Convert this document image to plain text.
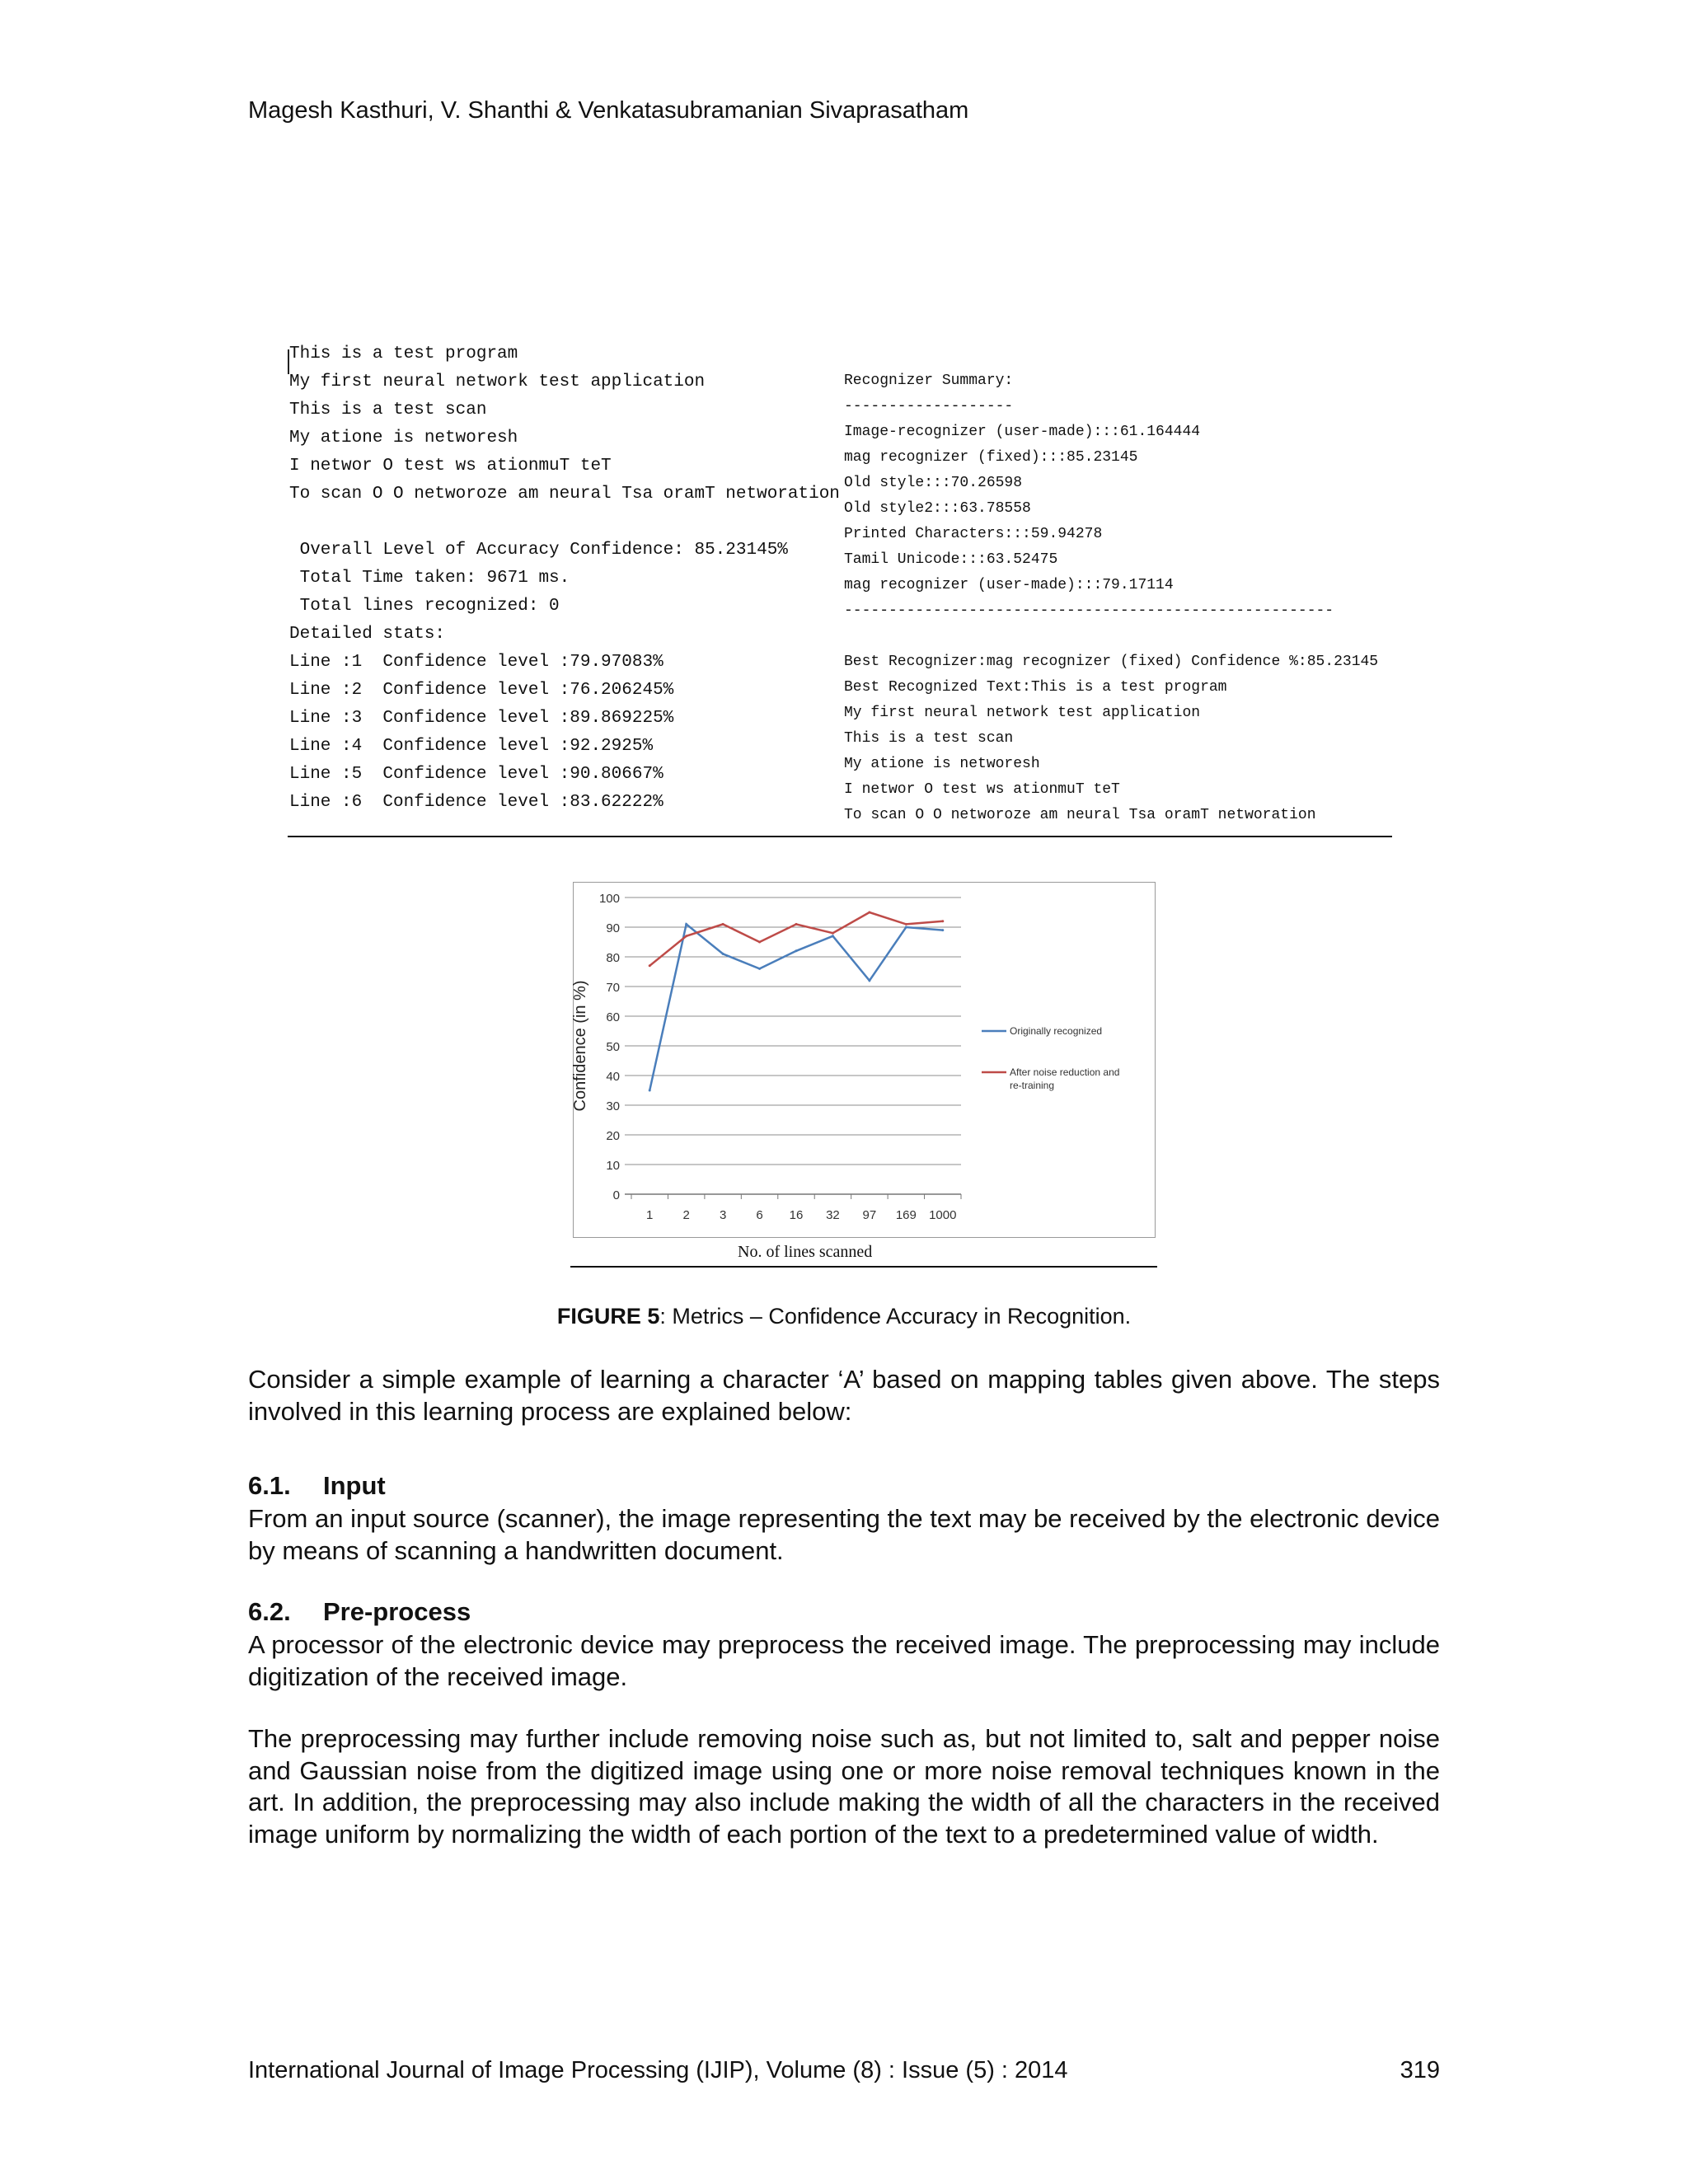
Magesh Kasthuri, V. Shanthi & Venkatasubramanian Sivaprasatham
This is a test program
My first neural network test application
This is a test scan
My atione is networesh
I networ O test ws ationmuT teT
To scan O O networoze am neural Tsa oramT networation
Overall Level of Accuracy Confidence: 85.23145%
Total Time taken: 9671 ms.
Total lines recognized: 0
Detailed stats:
Line :1  Confidence level :79.97083%
Line :2  Confidence level :76.206245%
Line :3  Confidence level :89.869225%
Line :4  Confidence level :92.2925%
Line :5  Confidence level :90.80667%
Line :6  Confidence level :83.62222%
Recognizer Summary:
-------------------
Image-recognizer (user-made):::61.164444
mag recognizer (fixed):::85.23145
Old style:::70.26598
Old style2:::63.78558
Printed Characters:::59.94278
Tamil Unicode:::63.52475
mag recognizer (user-made):::79.17114
-------------------------------------------------------
Best Recognizer:mag recognizer (fixed) Confidence %:85.23145
Best Recognized Text:This is a test program
My first neural network test application
This is a test scan
My atione is networesh
I networ O test ws ationmuT teT
To scan O O networoze am neural Tsa oramT networation
0
10
20
30
40
50
60
70
80
90
100
1 2 3 6 16 32 97 169 1000
Confidence (in %)	Originally recognized
After noise reduction and re-training
No. of lines scanned
FIGURE 5: Metrics – Confidence Accuracy in Recognition.

Consider a simple example of learning a character ‘A’ based on mapping tables given above. The steps involved in this learning process are explained below:

6.1. Input

From an input source (scanner), the image representing the text may be received by the electronic device by means of scanning a handwritten document.

6.2. Pre-process

A processor of the electronic device may preprocess the received image. The preprocessing may include digitization of the received image.

The preprocessing may further include removing noise such as, but not limited to, salt and pepper noise and Gaussian noise from the digitized image using one or more noise removal techniques known in the art. In addition, the preprocessing may also include making the width of all the characters in the received image uniform by normalizing the width of each portion of the text to a predetermined value of width.

International Journal of Image Processing (IJIP), Volume (8) : Issue (5) : 2014	319
